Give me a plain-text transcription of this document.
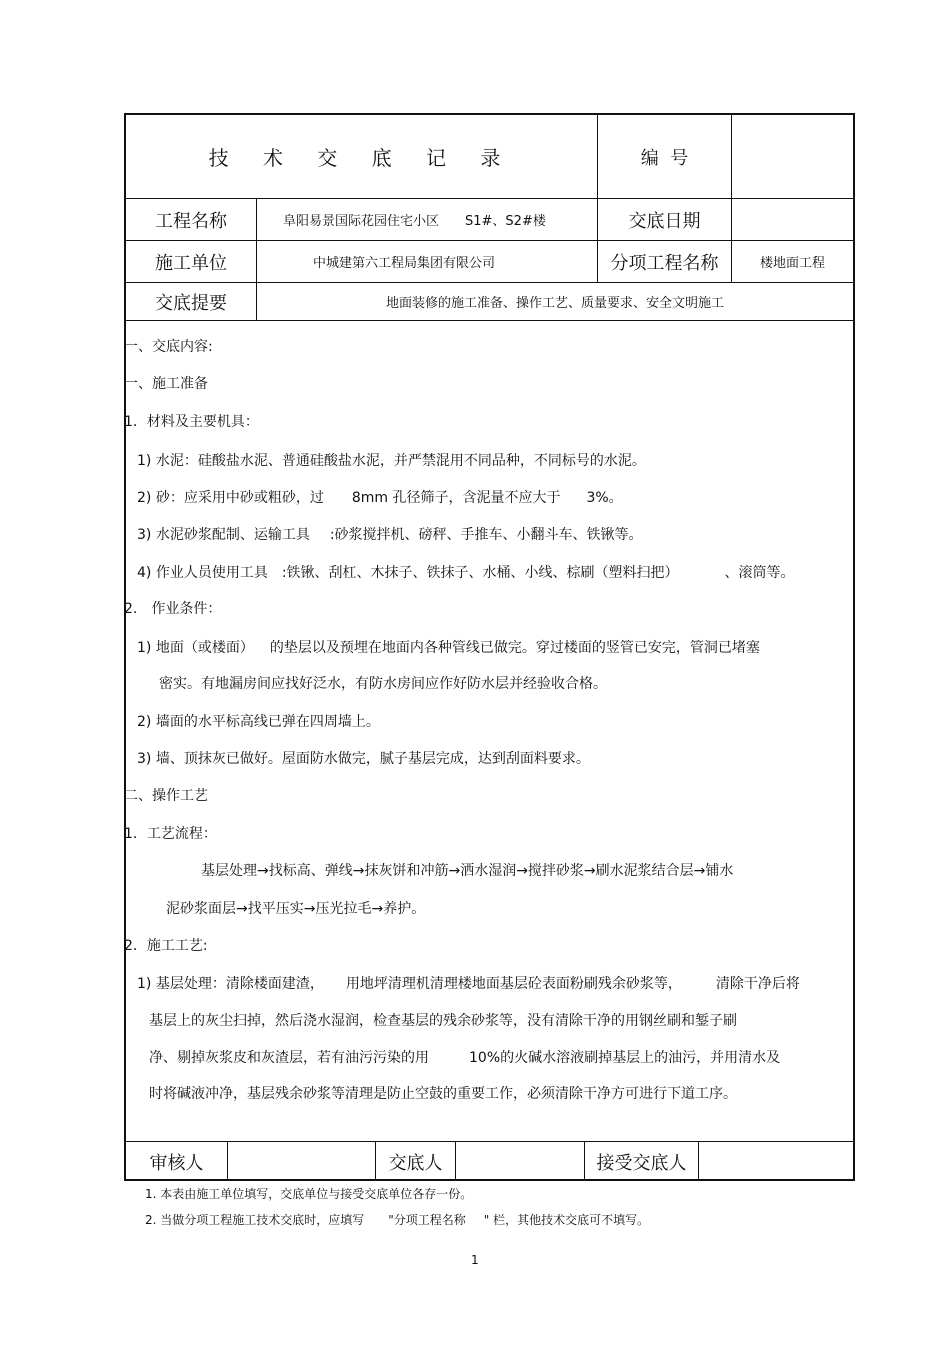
技 术 交 底 记 录	编  号
工程名称	阜阳易景国际花园住宅小区 S1#、S2#楼	交底日期
施工单位	中城建第六工程局集团有限公司	分项工程名称	楼地面工程
交底提要	地面装修的施工准备、操作工艺、质量要求、安全文明施工
一、交底内容:
一、施工准备
1．材料及主要机具：
1) 水泥：硅酸盐水泥、普通硅酸盐水泥，并严禁混用不同品种，不同标号的水泥。
2) 砂：应采用中砂或粗砂，过 8mm 孔径筛子，含泥量不应大于 3%。
3) 水泥砂浆配制、运输工具 :砂浆搅拌机、磅秤、手推车、小翻斗车、铁锹等。
4) 作业人员使用工具 :铁锹、刮杠、木抹子、铁抹子、水桶、小线、棕刷（塑料扫把）	、滚筒等。
2.　作业条件：
1) 地面（或楼面） 的垫层以及预埋在地面内各种管线已做完。穿过楼面的竖管已安完，管洞已堵塞
密实。有地漏房间应找好泛水，有防水房间应作好防水层并经验收合格。
2) 墙面的水平标高线已弹在四周墙上。
3) 墙、顶抹灰已做好。屋面防水做完，腻子基层完成，达到刮面料要求。
二、操作工艺
1．工艺流程：
基层处理→找标高、弹线→抹灰饼和冲筋→洒水湿润→搅拌砂浆→刷水泥浆结合层→铺水
泥砂浆面层→找平压实→压光拉毛→养护。
2．施工工艺:
1) 基层处理：清除楼面建渣， 用地坪清理机清理楼地面基层砼表面粉刷残余砂浆等， 清除干净后将
基层上的灰尘扫掉，然后浇水湿润，检查基层的残余砂浆等，没有清除干净的用钢丝刷和錾子刷
净、剔掉灰浆皮和灰渣层，若有油污污染的用	10%的火碱水溶液刷掉基层上的油污，并用清水及
时将碱液冲净，基层残余砂浆等清理是防止空鼓的重要工作，必须清除干净方可进行下道工序。
审核人	交底人	接受交底人
1. 本表由施工单位填写，交底单位与接受交底单位各存一份。
2. 当做分项工程施工技术交底时，应填写 "分项工程名称 " 栏，其他技术交底可不填写。
1
